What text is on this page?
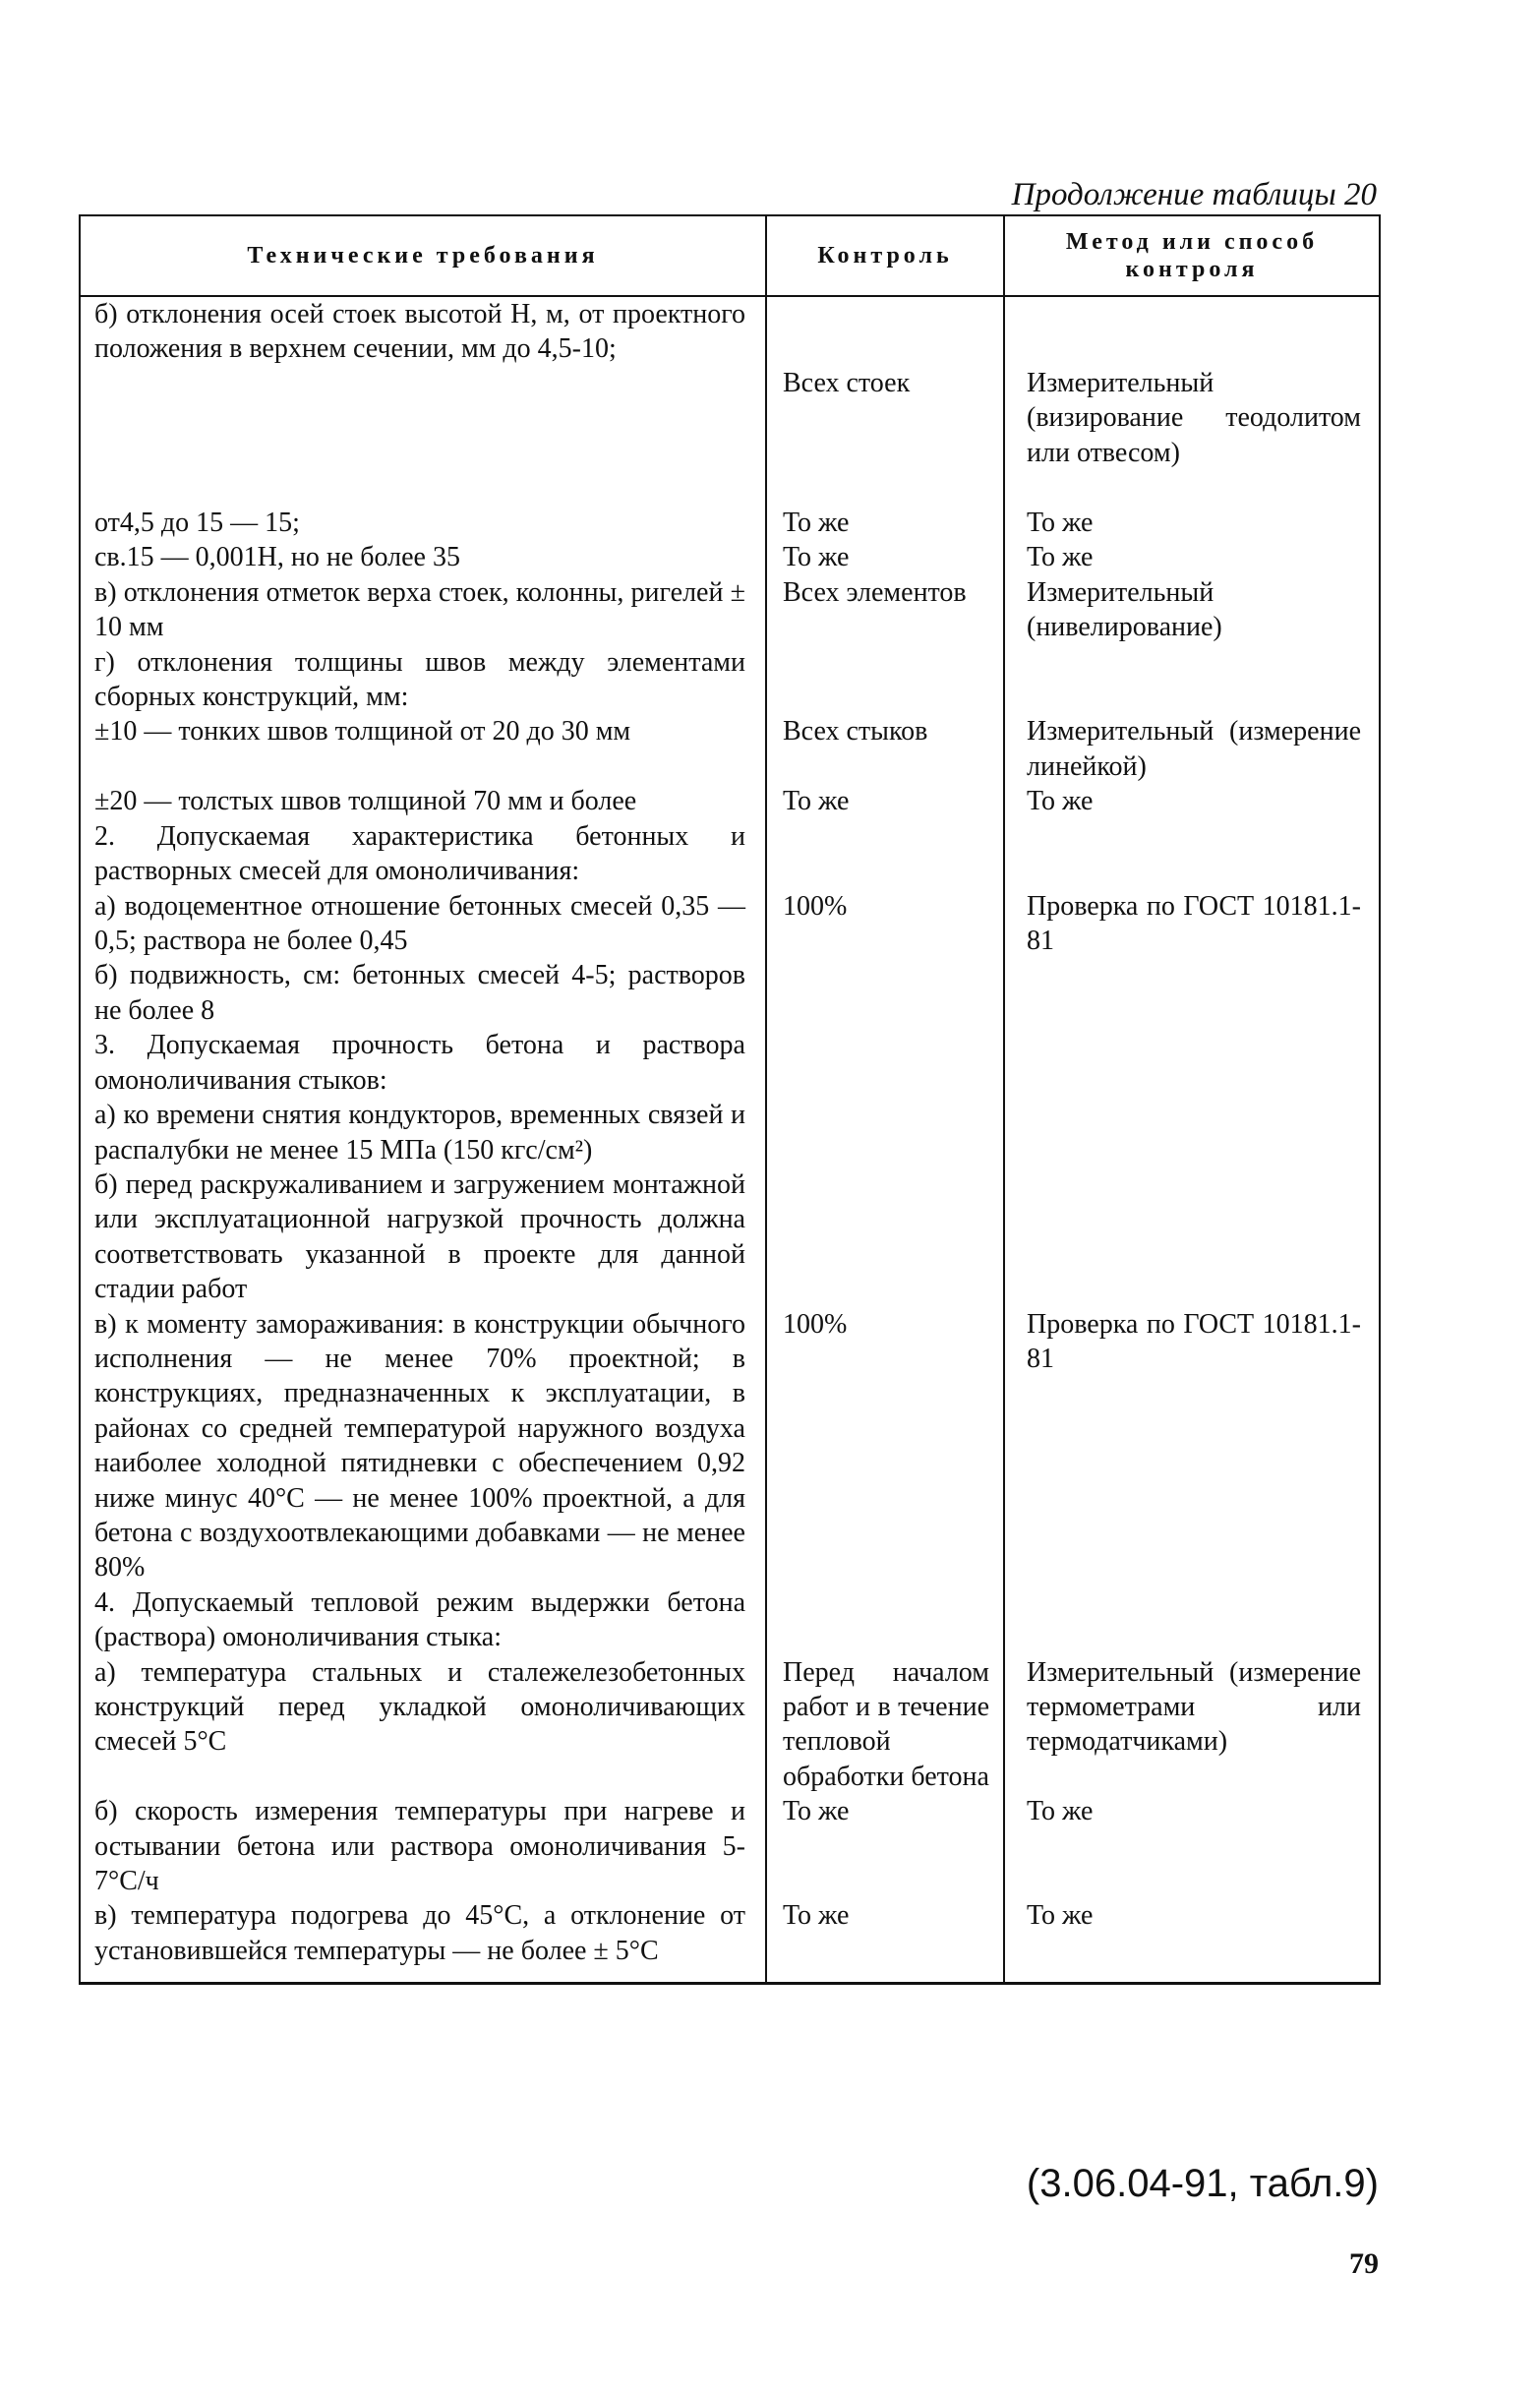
Продолжение таблицы 20
Технические требования	Контроль	Метод или способ контроля
б) отклонения осей стоек высотой H, м, от проектного положения в верхнем сечении, мм до 4,5-10;	Всех стоек	Измерительный (визирование теодолитом или отвесом)
от4,5 до 15 — 15;	То же	То же
св.15 — 0,001H, но не более 35	То же	То же
в) отклонения отметок верха стоек, колонны, ригелей ± 10 мм	Всех элементов	Измерительный (нивелирование)
г) отклонения толщины швов между элементами сборных конструкций, мм:		
±10 — тонких швов толщиной от 20 до 30 мм	Всех стыков	Измерительный (измерение линейкой)
±20 — толстых швов толщиной 70 мм и более	То же	То же
2. Допускаемая характеристика бетонных и растворных смесей для омоноличивания:		
а) водоцементное отношение бетонных смесей 0,35 — 0,5; раствора не более 0,45	100%	Проверка по ГОСТ 10181.1-81
б) подвижность, см: бетонных смесей 4-5; растворов не более 8		
3. Допускаемая прочность бетона и раствора омоноличивания стыков:		
а) ко времени снятия кондукторов, временных связей и распалубки не менее 15 МПа (150 кгс/см²)		
б) перед раскружаливанием и загружением монтажной или эксплуатационной нагрузкой прочность должна соответствовать указанной в проекте для данной стадии работ		
в) к моменту замораживания: в конструкции обычного исполнения — не менее 70% проектной; в конструкциях, предназначенных к эксплуатации, в районах со средней температурой наружного воздуха наиболее холодной пятидневки с обеспечением 0,92 ниже минус 40°C — не менее 100% проектной, а для бетона с воздухоотвлекающими добавками — не менее 80%	100%	Проверка по ГОСТ 10181.1-81
4. Допускаемый тепловой режим выдержки бетона (раствора) омоноличивания стыка:		
а) температура стальных и сталежелезобетонных конструкций перед укладкой омоноличивающих смесей 5°C	Перед началом работ и в течение тепловой обработки бетона	Измерительный (измерение термометрами или термодатчиками)
б) скорость измерения температуры при нагреве и остывании бетона или раствора омоноличивания 5-7°C/ч	То же	То же
в) температура подогрева до 45°C, а отклонение от установившейся температуры — не более ± 5°C	То же	То же
(3.06.04-91, табл.9)
79
